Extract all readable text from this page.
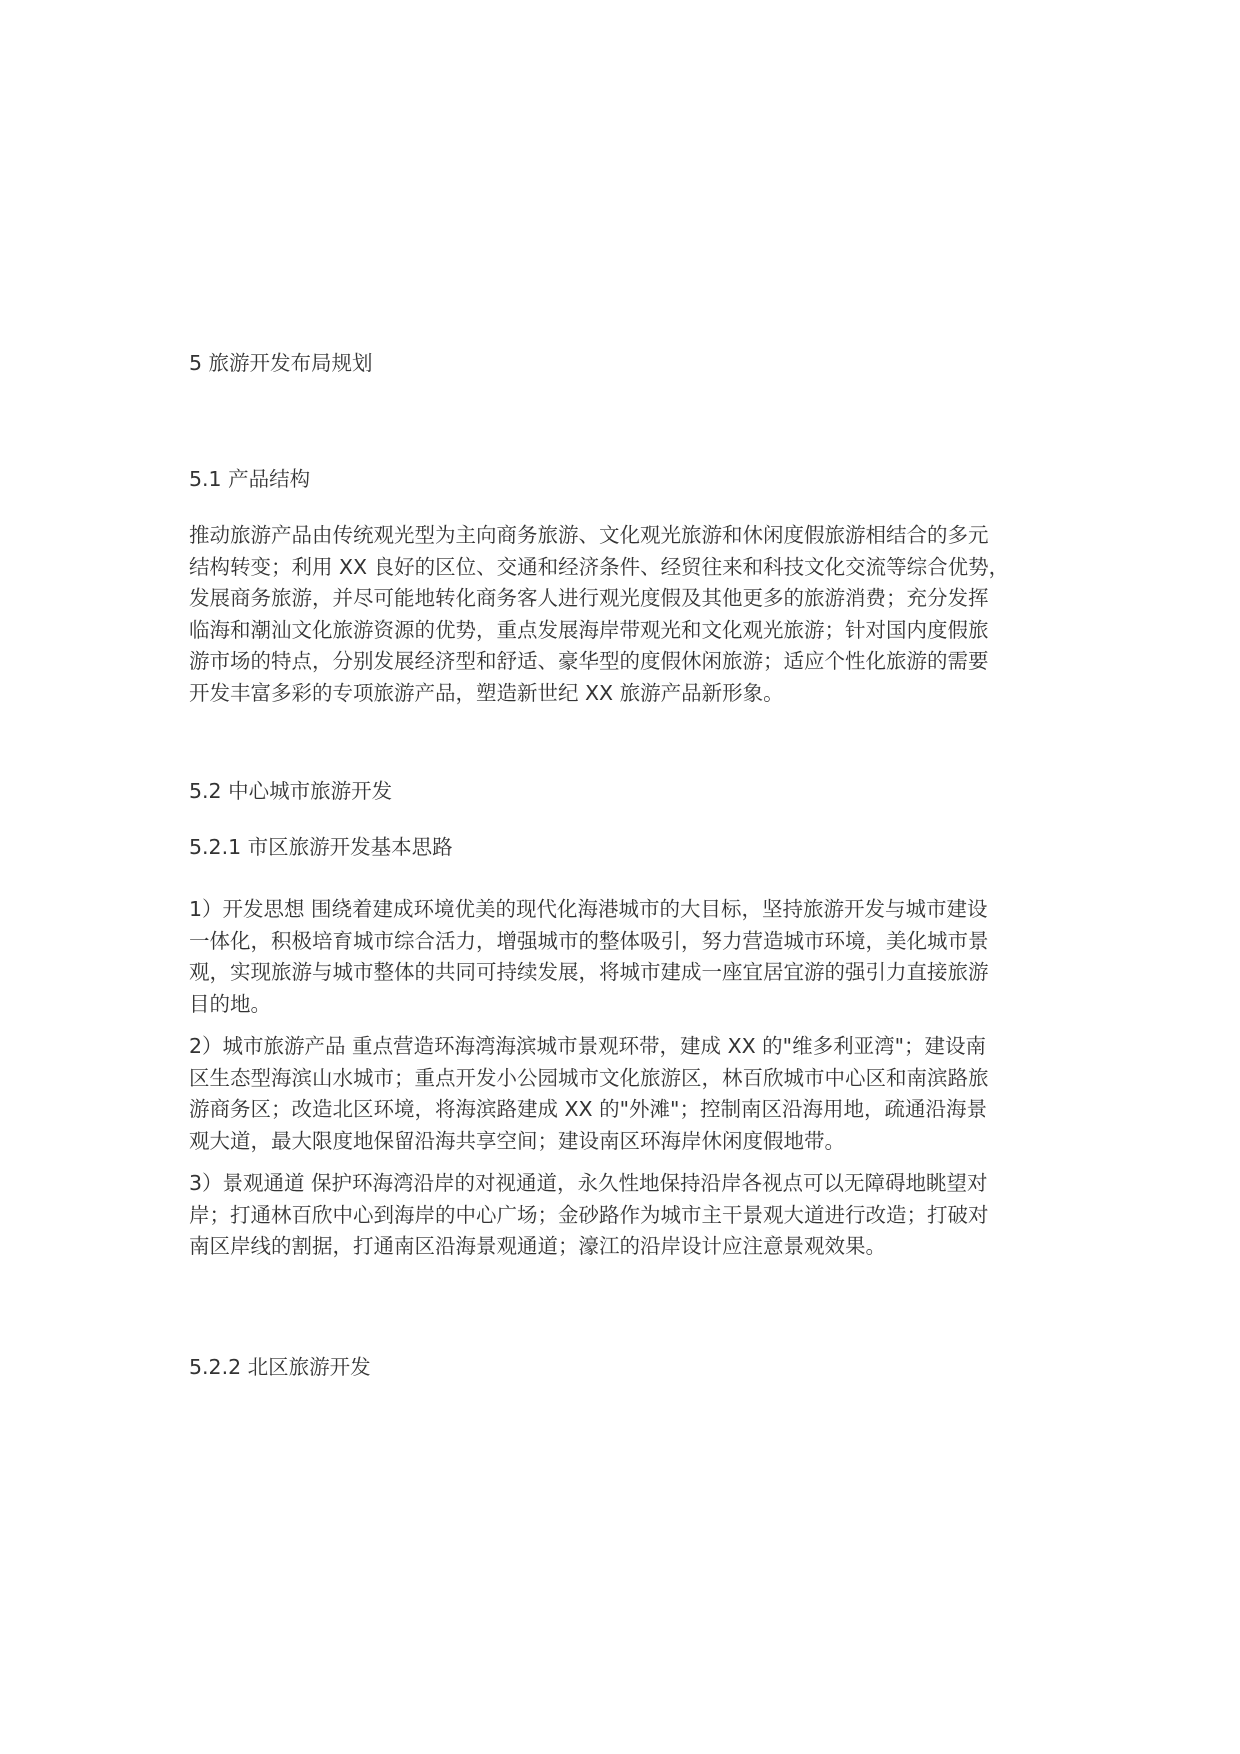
5 旅游开发布局规划
5.1 产品结构
推动旅游产品由传统观光型为主向商务旅游、文化观光旅游和休闲度假旅游相结合的多元
结构转变；利用 XX 良好的区位、交通和经济条件、经贸往来和科技文化交流等综合优势，
发展商务旅游，并尽可能地转化商务客人进行观光度假及其他更多的旅游消费；充分发挥
临海和潮汕文化旅游资源的优势，重点发展海岸带观光和文化观光旅游；针对国内度假旅
游市场的特点，分别发展经济型和舒适、豪华型的度假休闲旅游；适应个性化旅游的需要
开发丰富多彩的专项旅游产品，塑造新世纪 XX 旅游产品新形象。
5.2 中心城市旅游开发
5.2.1 市区旅游开发基本思路
1）开发思想 围绕着建成环境优美的现代化海港城市的大目标，坚持旅游开发与城市建设
一体化，积极培育城市综合活力，增强城市的整体吸引，努力营造城市环境，美化城市景
观，实现旅游与城市整体的共同可持续发展，将城市建成一座宜居宜游的强引力直接旅游
目的地。
2）城市旅游产品 重点营造环海湾海滨城市景观环带，建成 XX 的"维多利亚湾"；建设南
区生态型海滨山水城市；重点开发小公园城市文化旅游区，林百欣城市中心区和南滨路旅
游商务区；改造北区环境，将海滨路建成 XX 的"外滩"；控制南区沿海用地，疏通沿海景
观大道，最大限度地保留沿海共享空间；建设南区环海岸休闲度假地带。
3）景观通道 保护环海湾沿岸的对视通道，永久性地保持沿岸各视点可以无障碍地眺望对
岸；打通林百欣中心到海岸的中心广场；金砂路作为城市主干景观大道进行改造；打破对
南区岸线的割据，打通南区沿海景观通道；濠江的沿岸设计应注意景观效果。
5.2.2 北区旅游开发
